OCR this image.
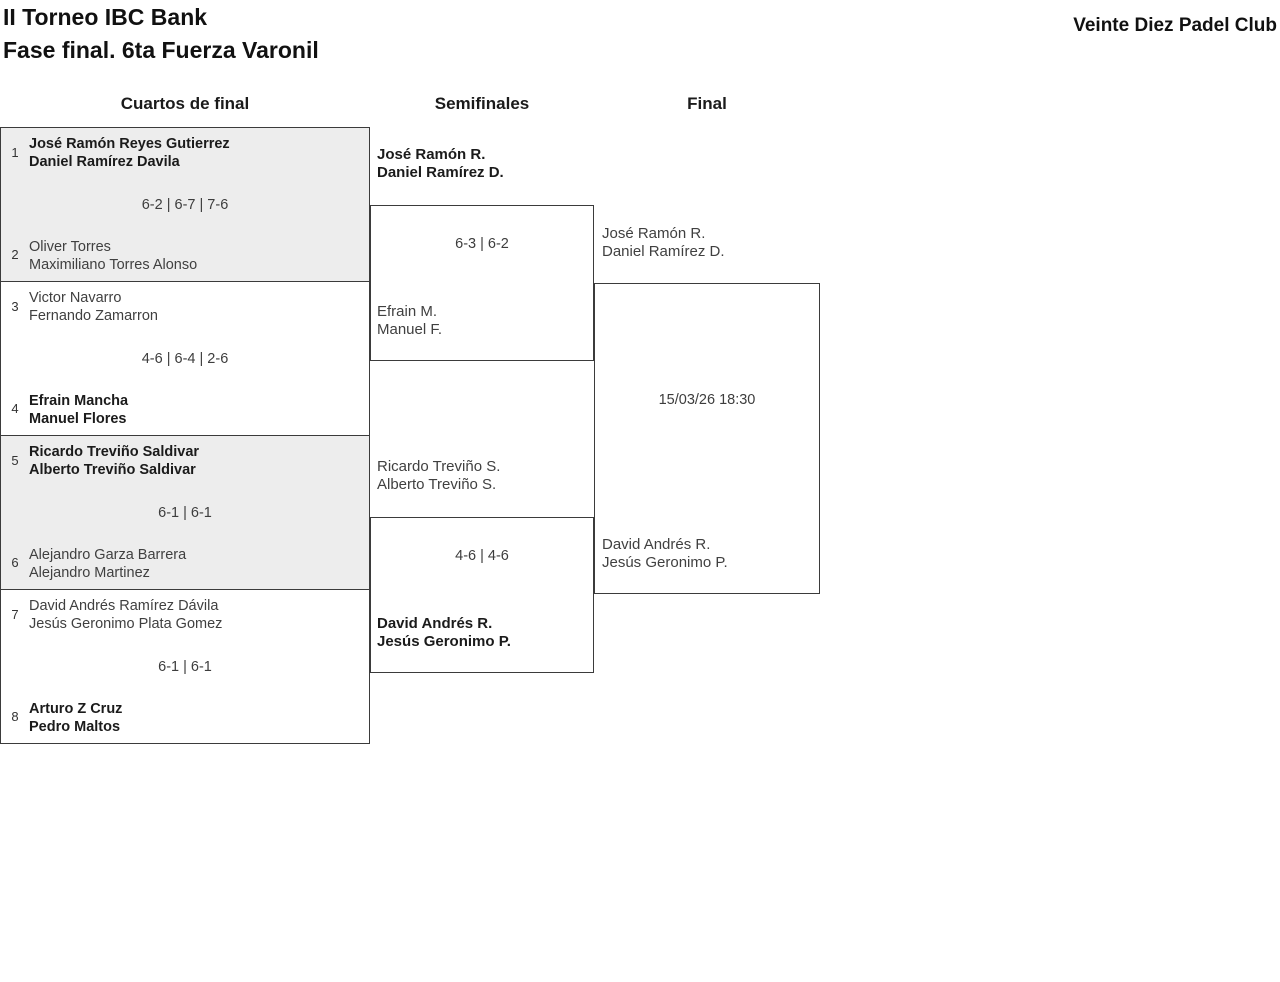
II Torneo IBC Bank
Fase final. 6ta Fuerza Varonil
Veinte Diez Padel Club
Cuartos de final	Semifinales	Final
1
José Ramón Reyes Gutierrez
Daniel Ramírez Davila
6-2 | 6-7 | 7-6
2 Oliver Torres
Maximiliano Torres Alonso
3
Victor Navarro
Fernando Zamarron
4-6 | 6-4 | 2-6
4 Efrain Mancha
Manuel Flores
5
Ricardo Treviño Saldivar
Alberto Treviño Saldivar
6-1 | 6-1
6 Alejandro Garza Barrera
Alejandro Martinez
7
David Andrés Ramírez Dávila
Jesús Geronimo Plata Gomez
6-1 | 6-1
8 Arturo Z Cruz
Pedro Maltos
José Ramón R.
Daniel Ramírez D.
6-3 | 6-2
Efrain M.
Manuel F.
Ricardo Treviño S.
Alberto Treviño S.
4-6 | 4-6
David Andrés R.
Jesús Geronimo P.
José Ramón R.
Daniel Ramírez D.
15/03/26 18:30
David Andrés R.
Jesús Geronimo P.
